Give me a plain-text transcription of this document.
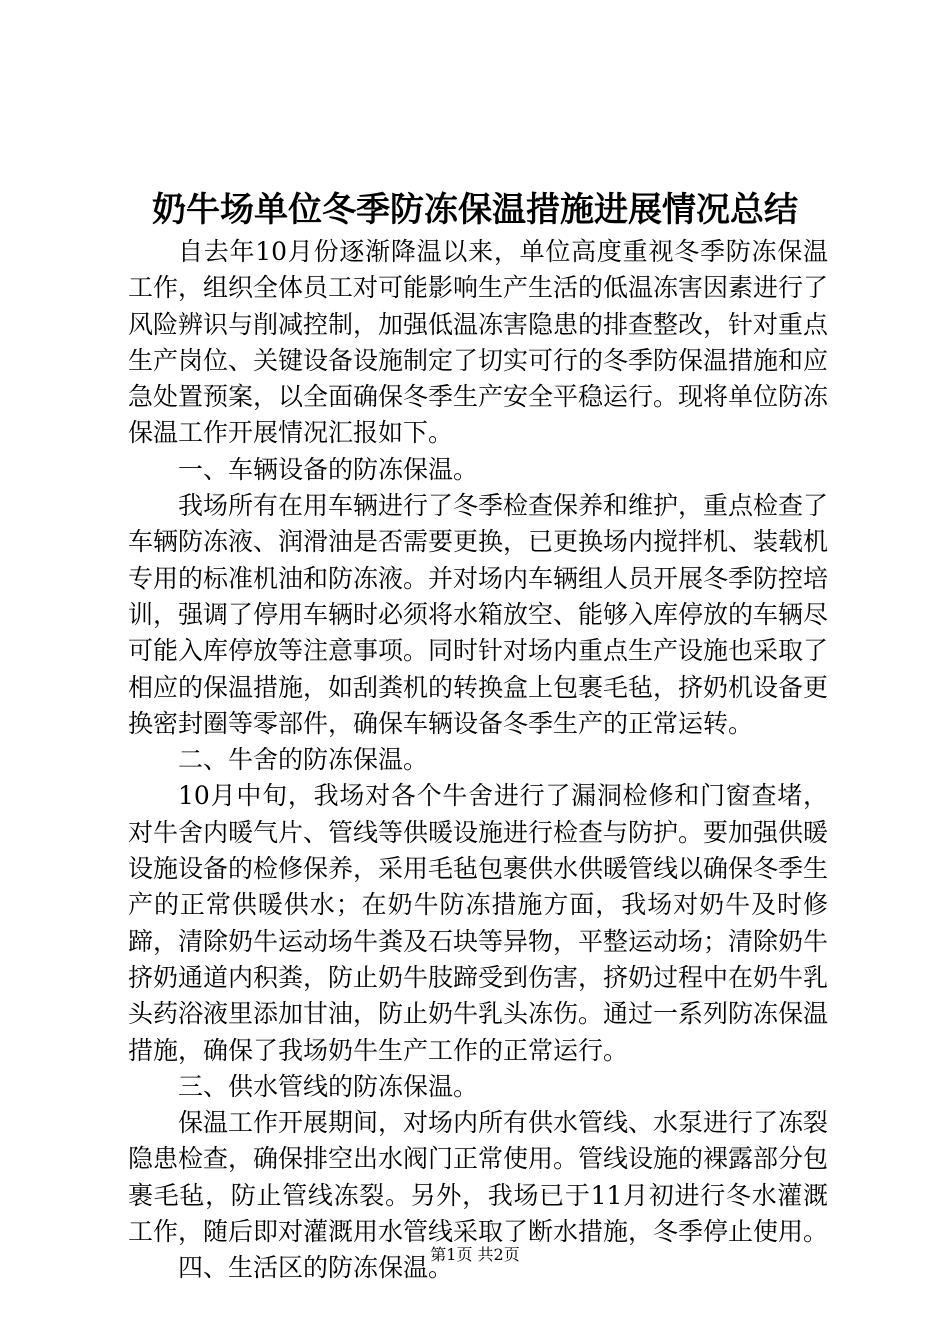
奶牛场单位冬季防冻保温措施进展情况总结

自去年10月份逐渐降温以来，单位高度重视冬季防冻保温工作，组织全体员工对可能影响生产生活的低温冻害因素进行了风险辨识与削减控制，加强低温冻害隐患的排查整改，针对重点生产岗位、关键设备设施制定了切实可行的冬季防保温措施和应急处置预案，以全面确保冬季生产安全平稳运行。现将单位防冻保温工作开展情况汇报如下。

一、车辆设备的防冻保温。

我场所有在用车辆进行了冬季检查保养和维护，重点检查了车辆防冻液、润滑油是否需要更换，已更换场内搅拌机、装载机专用的标准机油和防冻液。并对场内车辆组人员开展冬季防控培训，强调了停用车辆时必须将水箱放空、能够入库停放的车辆尽可能入库停放等注意事项。同时针对场内重点生产设施也采取了相应的保温措施，如刮粪机的转换盒上包裹毛毡，挤奶机设备更换密封圈等零部件，确保车辆设备冬季生产的正常运转。

二、牛舍的防冻保温。

10月中旬，我场对各个牛舍进行了漏洞检修和门窗查堵，对牛舍内暖气片、管线等供暖设施进行检查与防护。要加强供暖设施设备的检修保养，采用毛毡包裹供水供暖管线以确保冬季生产的正常供暖供水；在奶牛防冻措施方面，我场对奶牛及时修蹄，清除奶牛运动场牛粪及石块等异物，平整运动场；清除奶牛挤奶通道内积粪，防止奶牛肢蹄受到伤害，挤奶过程中在奶牛乳头药浴液里添加甘油，防止奶牛乳头冻伤。通过一系列防冻保温措施，确保了我场奶牛生产工作的正常运行。

三、供水管线的防冻保温。

保温工作开展期间，对场内所有供水管线、水泵进行了冻裂隐患检查，确保排空出水阀门正常使用。管线设施的裸露部分包裹毛毡，防止管线冻裂。另外，我场已于11月初进行冬水灌溉工作，随后即对灌溉用水管线采取了断水措施，冬季停止使用。

四、生活区的防冻保温。

第1页 共2页
